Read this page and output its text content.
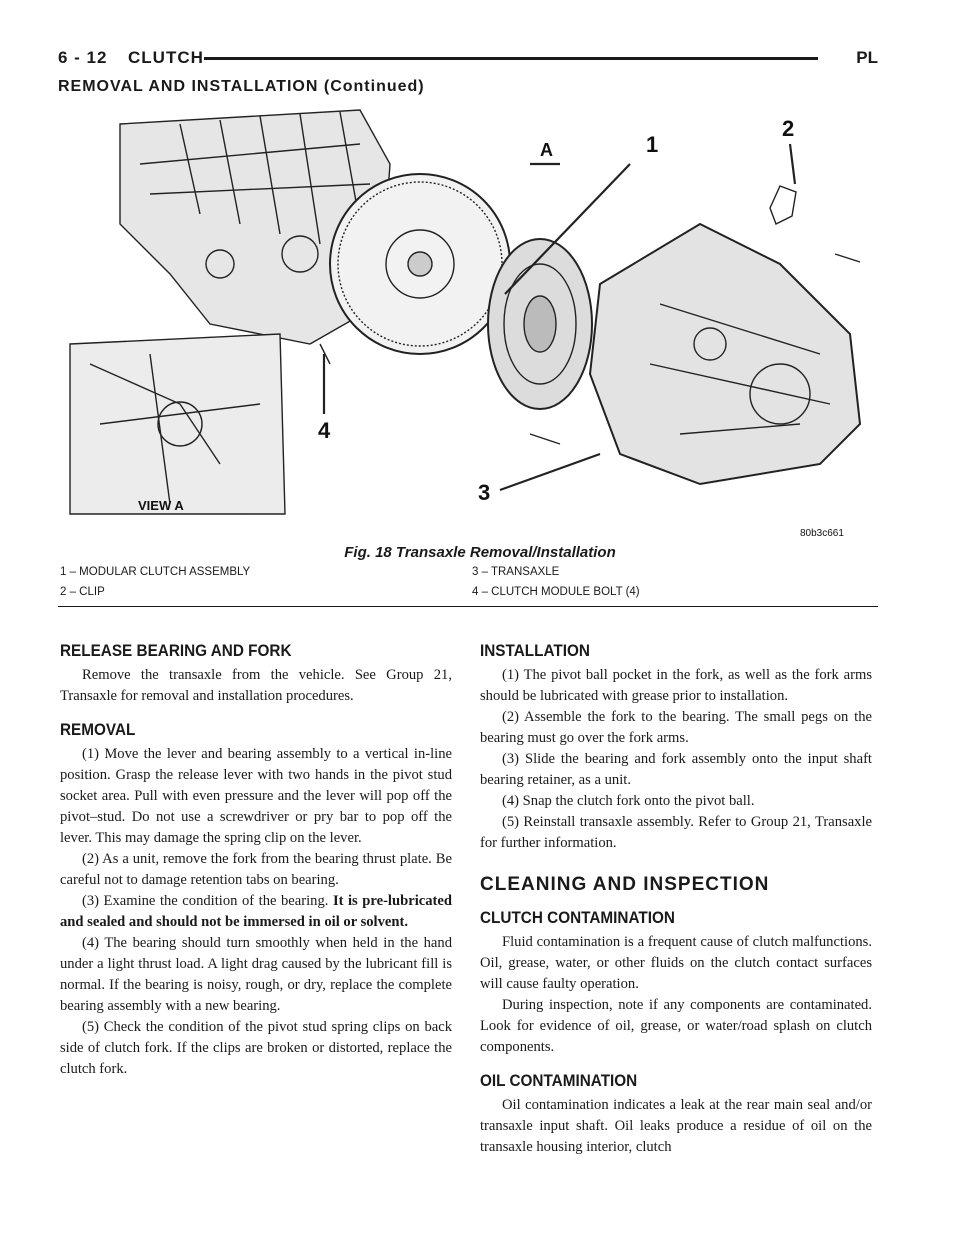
6 - 12 CLUTCH	PL
REMOVAL AND INSTALLATION (Continued)
1
2
3
4
A
VIEW A
80b3c661
Fig. 18 Transaxle Removal/Installation
1 – MODULAR CLUTCH ASSEMBLY
2 – CLIP
3 – TRANSAXLE
4 – CLUTCH MODULE BOLT (4)
RELEASE BEARING AND FORK

Remove the transaxle from the vehicle. See Group 21, Transaxle for removal and installation procedures.

REMOVAL

(1) Move the lever and bearing assembly to a vertical in-line position. Grasp the release lever with two hands in the pivot stud socket area. Pull with even pressure and the lever will pop off the pivot–stud. Do not use a screwdriver or pry bar to pop off the lever. This may damage the spring clip on the lever.

(2) As a unit, remove the fork from the bearing thrust plate. Be careful not to damage retention tabs on bearing.

(3) Examine the condition of the bearing. It is pre-lubricated and sealed and should not be immersed in oil or solvent.

(4) The bearing should turn smoothly when held in the hand under a light thrust load. A light drag caused by the lubricant fill is normal. If the bearing is noisy, rough, or dry, replace the complete bearing assembly with a new bearing.

(5) Check the condition of the pivot stud spring clips on back side of clutch fork. If the clips are broken or distorted, replace the clutch fork.

INSTALLATION

(1) The pivot ball pocket in the fork, as well as the fork arms should be lubricated with grease prior to installation.

(2) Assemble the fork to the bearing. The small pegs on the bearing must go over the fork arms.

(3) Slide the bearing and fork assembly onto the input shaft bearing retainer, as a unit.

(4) Snap the clutch fork onto the pivot ball.

(5) Reinstall transaxle assembly. Refer to Group 21, Transaxle for further information.

CLEANING AND INSPECTION
CLUTCH CONTAMINATION

Fluid contamination is a frequent cause of clutch malfunctions. Oil, grease, water, or other fluids on the clutch contact surfaces will cause faulty operation.

During inspection, note if any components are contaminated. Look for evidence of oil, grease, or water/road splash on clutch components.

OIL CONTAMINATION

Oil contamination indicates a leak at the rear main seal and/or transaxle input shaft. Oil leaks produce a residue of oil on the transaxle housing interior, clutch
